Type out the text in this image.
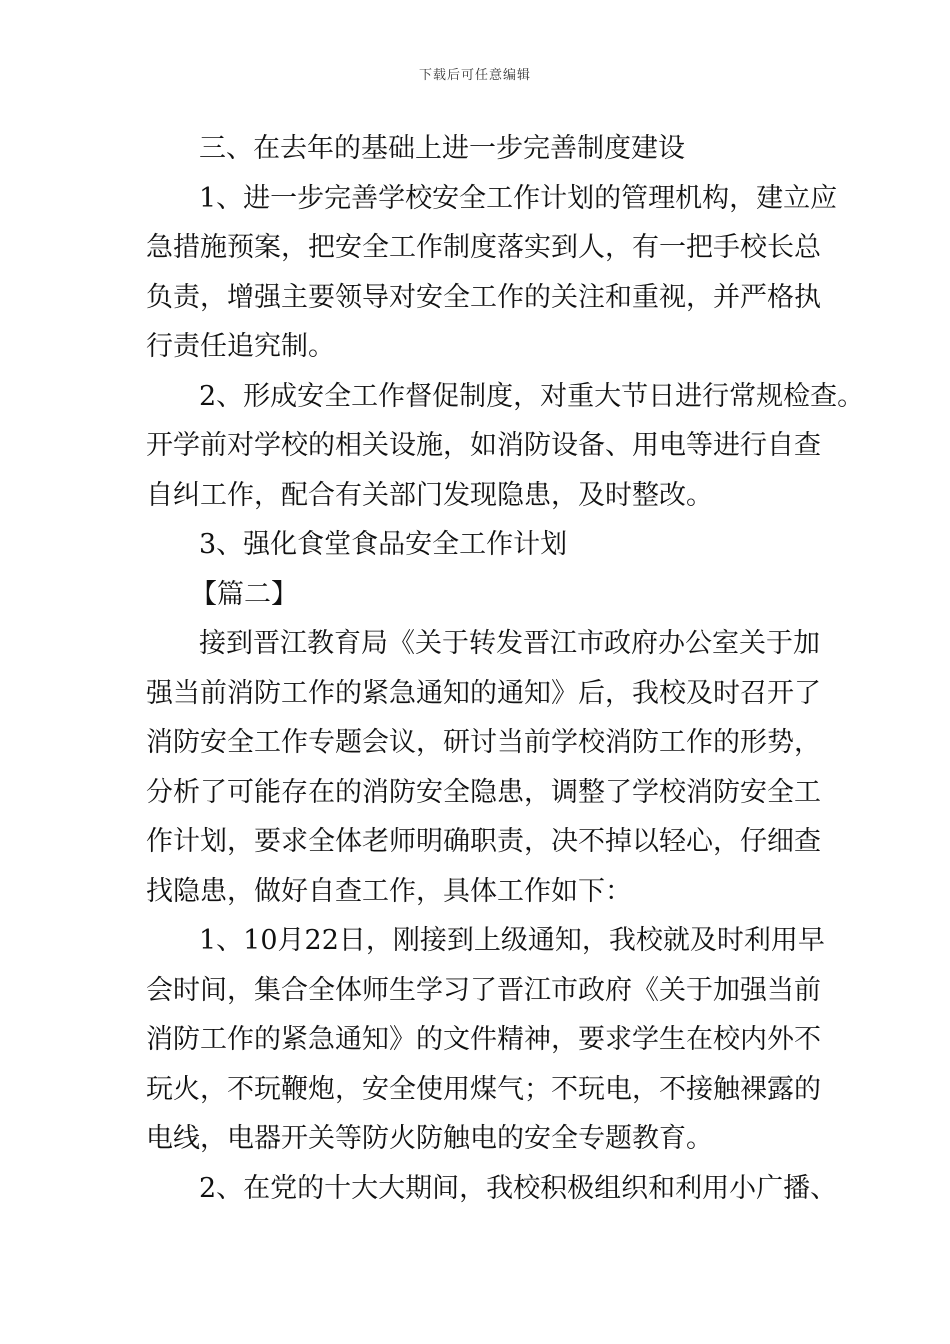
下载后可任意编辑
三、在去年的基础上进一步完善制度建设
1、进一步完善学校安全工作计划的管理机构，建立应
急措施预案，把安全工作制度落实到人，有一把手校长总
负责，增强主要领导对安全工作的关注和重视，并严格执
行责任追究制。
2、形成安全工作督促制度，对重大节日进行常规检查。
开学前对学校的相关设施，如消防设备、用电等进行自查
自纠工作，配合有关部门发现隐患，及时整改。
3、强化食堂食品安全工作计划
【篇二】
接到晋江教育局《关于转发晋江市政府办公室关于加
强当前消防工作的紧急通知的通知》后，我校及时召开了
消防安全工作专题会议，研讨当前学校消防工作的形势，
分析了可能存在的消防安全隐患，调整了学校消防安全工
作计划，要求全体老师明确职责，决不掉以轻心，仔细查
找隐患，做好自查工作，具体工作如下：
1、10月22日，刚接到上级通知，我校就及时利用早
会时间，集合全体师生学习了晋江市政府《关于加强当前
消防工作的紧急通知》的文件精神，要求学生在校内外不
玩火，不玩鞭炮，安全使用煤气；不玩电，不接触裸露的
电线，电器开关等防火防触电的安全专题教育。
2、在党的十大大期间，我校积极组织和利用小广播、
